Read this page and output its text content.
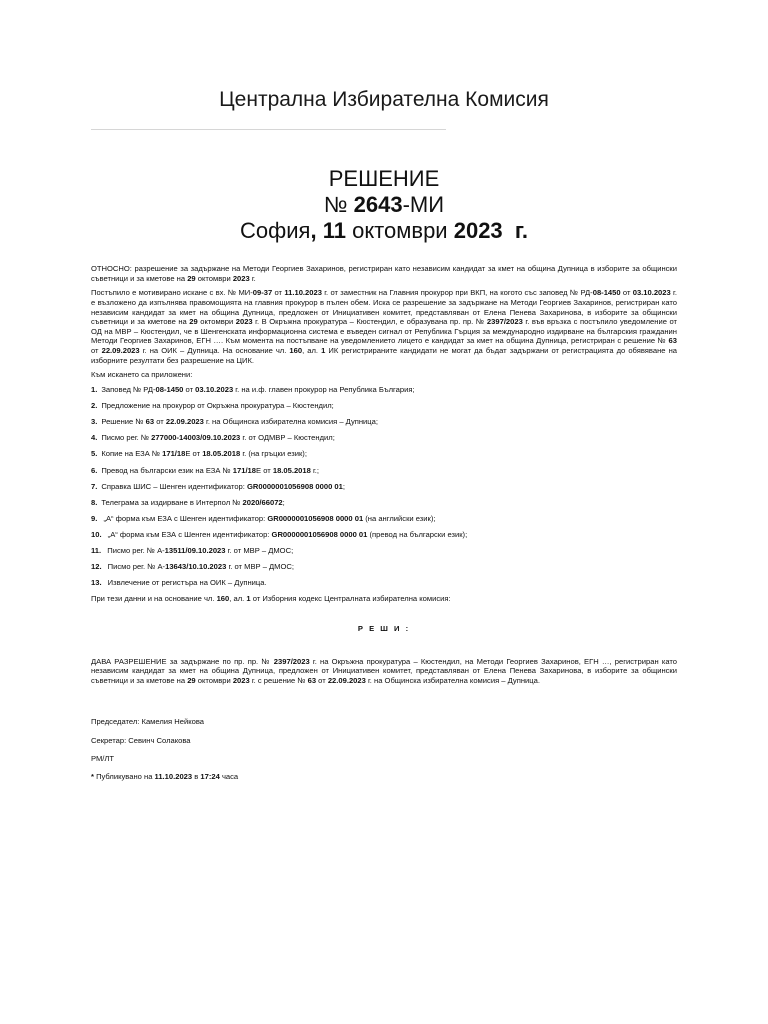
Централна Избирателна Комисия
РЕШЕНИЕ
№ 2643-МИ
София, 11 октомври 2023 г.

ОТНОСНО: разрешение за задържане на Методи Георгиев Захаринов, регистриран като независим кандидат за кмет на община Дупница в изборите за общински съветници и за кметове на 29 октомври 2023 г.

Постъпило е мотивирано искане с вх. № МИ-09-37 от 11.10.2023 г. от заместник на Главния прокурор при ВКП, на когото със заповед № РД-08-1450 от 03.10.2023 г. е възложено да изпълнява правомощията на главния прокурор в пълен обем. Иска се разрешение за задържане на Методи Георгиев Захаринов, регистриран като независим кандидат за кмет на община Дупница, предложен от Инициативен комитет, представляван от Елена Пенева Захаринова, в изборите за общински съветници и за кметове на 29 октомври 2023 г. В Окръжна прокуратура – Кюстендил, е образувана пр. пр. № 2397/2023 г. във връзка с постъпило уведомление от ОД на МВР – Кюстендил, че в Шенгенската информационна система е въведен сигнал от Република Гърция за международно издирване на българския гражданин Методи Георгиев Захаринов, ЕГН …. Към момента на постъпване на уведомлението лицето е кандидат за кмет на община Дупница, регистриран с решение № 63 от 22.09.2023 г. на ОИК – Дупница. На основание чл. 160, ал. 1 ИК регистрираните кандидати не могат да бъдат задържани от регистрацията до обявяване на изборните резултати без разрешение на ЦИК.

Към искането са приложени:

1. Заповед № РД-08-1450 от 03.10.2023 г. на и.ф. главен прокурор на Република България;
2. Предложение на прокурор от Окръжна прокуратура – Кюстендил;
3. Решение № 63 от 22.09.2023 г. на Общинска избирателна комисия – Дупница;
4. Писмо рег. № 277000-14003/09.10.2023 г. от ОДМВР – Кюстендил;
5. Копие на ЕЗА № 171/18Е от 18.05.2018 г. (на гръцки език);
6. Превод на български език на ЕЗА № 171/18Е от 18.05.2018 г.;
7. Справка ШИС – Шенген идентификатор: GR0000001056908 0000 01;
8. Телеграма за издирване в Интерпол № 2020/66072;
9. „А“ форма към ЕЗА с Шенген идентификатор: GR0000001056908 0000 01 (на английски език);
10. „А“ форма към ЕЗА с Шенген идентификатор: GR0000001056908 0000 01 (превод на български език);
11. Писмо рег. № А-13511/09.10.2023 г. от МВР – ДМОС;
12. Писмо рег. № А-13643/10.10.2023 г. от МВР – ДМОС;
13. Извлечение от регистъра на ОИК – Дупница.

При тези данни и на основание чл. 160, ал. 1 от Изборния кодекс Централната избирателна комисия:

Р Е Ш И :

ДАВА РАЗРЕШЕНИЕ за задържане по пр. пр. № 2397/2023 г. на Окръжна прокуратура – Кюстендил, на Методи Георгиев Захаринов, ЕГН …, регистриран като независим кандидат за кмет на община Дупница, предложен от Инициативен комитет, представляван от Елена Пенева Захаринова, в изборите за общински съветници и за кметове на 29 октомври 2023 г. с решение № 63 от 22.09.2023 г. на Общинска избирателна комисия – Дупница.

Председател: Камелия Нейкова

Секретар: Севинч Солакова

РМ/ЛТ

* Публикувано на 11.10.2023 в 17:24 часа
